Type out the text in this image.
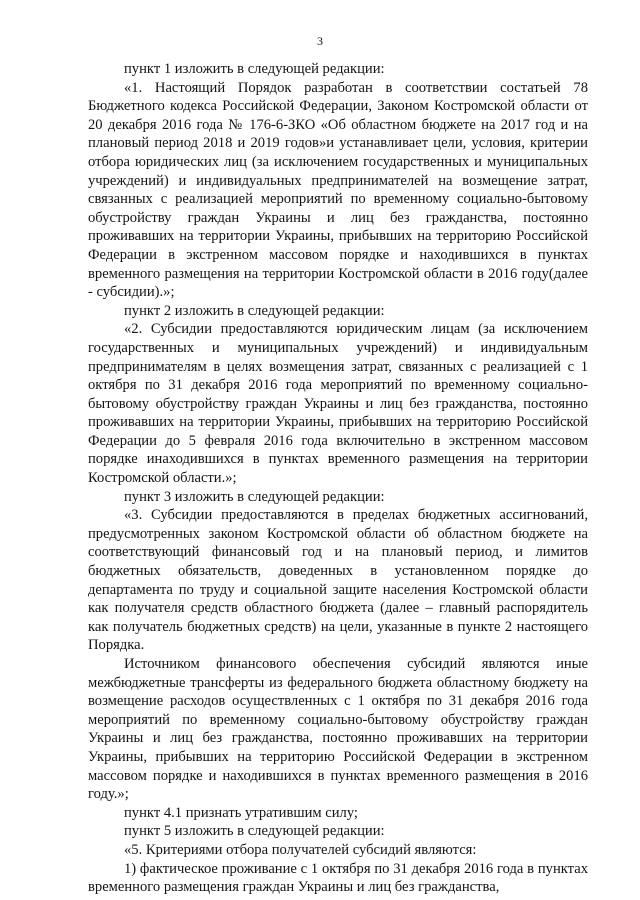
3

пункт 1 изложить в следующей редакции:

«1. Настоящий Порядок разработан в соответствии состатьей 78 Бюджетного кодекса Российской Федерации, Законом Костромской области от 20 декабря 2016 года № 176-6-ЗКО «Об областном бюджете на 2017 год и на плановый период 2018 и 2019 годов»и устанавливает цели, условия, критерии отбора юридических лиц (за исключением государственных и муниципальных учреждений) и индивидуальных предпринимателей на возмещение затрат, связанных с реализацией мероприятий по временному социально-бытовому обустройству граждан Украины и лиц без гражданства, постоянно проживавших на территории Украины, прибывших на территорию Российской Федерации в экстренном массовом порядке и находившихся в пунктах временного размещения на территории Костромской области в 2016 году(далее - субсидии).»;

пункт 2 изложить в следующей редакции:

«2. Субсидии предоставляются юридическим лицам (за исключением государственных и муниципальных учреждений) и индивидуальным предпринимателям в целях возмещения затрат, связанных с реализацией с 1 октября по 31 декабря 2016 года мероприятий по временному социально-бытовому обустройству граждан Украины и лиц без гражданства, постоянно проживавших на территории Украины, прибывших на территорию Российской Федерации до 5 февраля 2016 года включительно в экстренном массовом порядке инаходившихся в пунктах временного размещения на территории Костромской области.»;

пункт 3 изложить в следующей редакции:

«3. Субсидии предоставляются в пределах бюджетных ассигнований, предусмотренных законом Костромской области об областном бюджете на соответствующий финансовый год и на плановый период, и лимитов бюджетных обязательств, доведенных в установленном порядке до департамента по труду и социальной защите населения Костромской области как получателя средств областного бюджета (далее – главный распорядитель как получатель бюджетных средств) на цели, указанные в пункте 2 настоящего Порядка.

Источником финансового обеспечения субсидий являются иные межбюджетные трансферты из федерального бюджета областному бюджету на возмещение расходов осуществленных с 1 октября по 31 декабря 2016 года мероприятий по временному социально-бытовому обустройству граждан Украины и лиц без гражданства, постоянно проживавших на территории Украины, прибывших на территорию Российской Федерации в экстренном массовом порядке и находившихся в пунктах временного размещения в 2016 году.»;

пункт 4.1 признать утратившим силу;

пункт 5 изложить в следующей редакции:

«5. Критериями отбора получателей субсидий являются:

1) фактическое проживание с 1 октября по 31 декабря 2016 года в пунктах временного размещения граждан Украины и лиц без гражданства,
